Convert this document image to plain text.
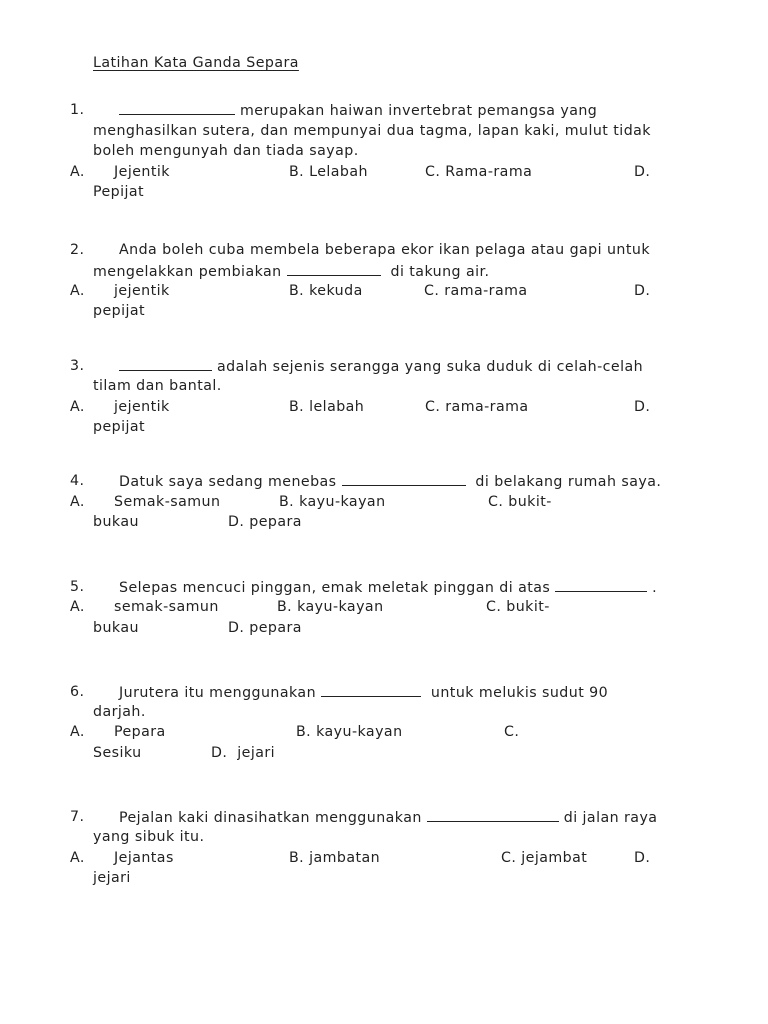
Latihan Kata Ganda Separa
1.	merupakan haiwan invertebrat pemangsa yang
menghasilkan sutera, dan mempunyai dua tagma, lapan kaki, mulut tidak
boleh mengunyah dan tiada sayap.
A. Jejentik	B. Lelabah	C. Rama-rama	D.
Pepijat
2. Anda boleh cuba membela beberapa ekor ikan pelaga atau gapi untuk
mengelakkan pembiakan	di takung air.
A. jejentik	B. kekuda	C. rama-rama	D.
pepijat
3.	adalah sejenis serangga yang suka duduk di celah-celah
tilam dan bantal.
A. jejentik	B. lelabah	C. rama-rama	D.
pepijat
4. Datuk saya sedang menebas	di belakang rumah saya.
A. Semak-samun	B. kayu-kayan	C. bukit-
bukau	D. pepara
5. Selepas mencuci pinggan, emak meletak pinggan di atas	.
A. semak-samun	B. kayu-kayan	C. bukit-
bukau	D. pepara
6. Jurutera itu menggunakan	untuk melukis sudut 90
darjah.
A. Pepara	B. kayu-kayan	C.
Sesiku	D.  jejari
7. Pejalan kaki dinasihatkan menggunakan	di jalan raya
yang sibuk itu.
A. Jejantas	B. jambatan	C. jejambat	D.
jejari
